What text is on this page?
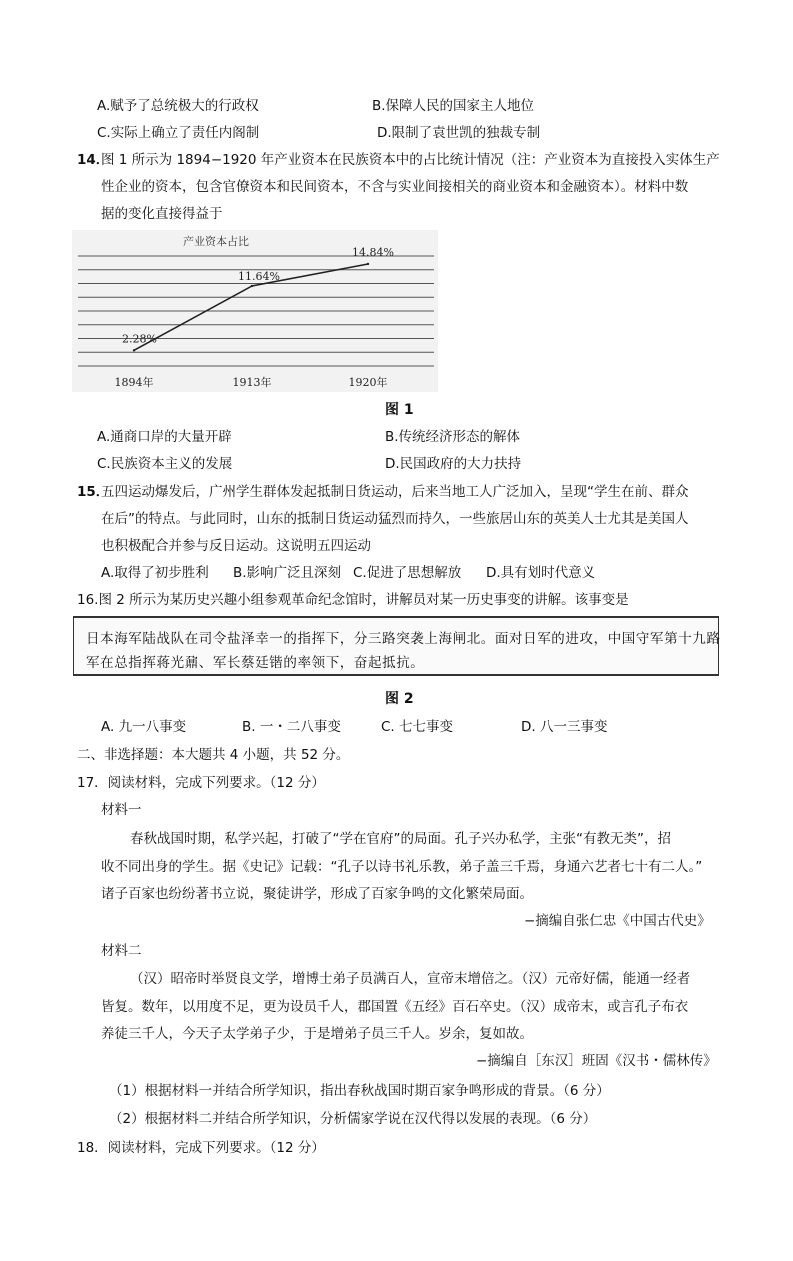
A.赋予了总统极大的行政权	B.保障人民的国家主人地位
C.实际上确立了责任内阁制	D.限制了袁世凯的独裁专制
14．
图 1 所示为 1894−1920 年产业资本在民族资本中的占比统计情况（注：产业资本为直接投入实体生产
性企业的资本，包含官僚资本和民间资本，不含与实业间接相关的商业资本和金融资本）。材料中数
据的变化直接得益于
产业资本占比
2.28%
11.64%
14.84%
1894年	1913年	1920年
图 1
A.通商口岸的大量开辟	B.传统经济形态的解体
C.民族资本主义的发展	D.民国政府的大力扶持
15．
五四运动爆发后，广州学生群体发起抵制日货运动，后来当地工人广泛加入，呈现“学生在前、群众
在后”的特点。与此同时，山东的抵制日货运动猛烈而持久，一些旅居山东的英美人士尤其是美国人
也积极配合并参与反日运动。这说明五四运动
A.取得了初步胜利 B.影响广泛且深刻 C.促进了思想解放 D.具有划时代意义
16.图 2 所示为某历史兴趣小组参观革命纪念馆时，讲解员对某一历史事变的讲解。该事变是
日本海军陆战队在司令盐泽幸一的指挥下，分三路突袭上海闸北。面对日军的进攻，中国守军第十九路
军在总指挥蒋光鼐、军长蔡廷锴的率领下，奋起抵抗。
图 2
A. 九一八事变	B. 一・二八事变	C. 七七事变	D. 八一三事变
二、非选择题：本大题共 4 小题，共 52 分。
17．阅读材料，完成下列要求。（12 分）
材料一
春秋战国时期，私学兴起，打破了“学在官府”的局面。孔子兴办私学，主张“有教无类”，招
收不同出身的学生。据《史记》记载：“孔子以诗书礼乐教，弟子盖三千焉，身通六艺者七十有二人。”
诸子百家也纷纷著书立说，聚徒讲学，形成了百家争鸣的文化繁荣局面。
−摘编自张仁忠《中国古代史》
材料二
（汉）昭帝时举贤良文学，增博士弟子员满百人，宣帝末增倍之。（汉）元帝好儒，能通一经者
皆复。数年，以用度不足，更为设员千人，郡国置《五经》百石卒史。（汉）成帝末，或言孔子布衣
养徒三千人，今天子太学弟子少，于是增弟子员三千人。岁余，复如故。
−摘编自［东汉］班固《汉书・儒林传》
（1）根据材料一并结合所学知识，指出春秋战国时期百家争鸣形成的背景。（6 分）
（2）根据材料二并结合所学知识，分析儒家学说在汉代得以发展的表现。（6 分）
18．阅读材料，完成下列要求。（12 分）
